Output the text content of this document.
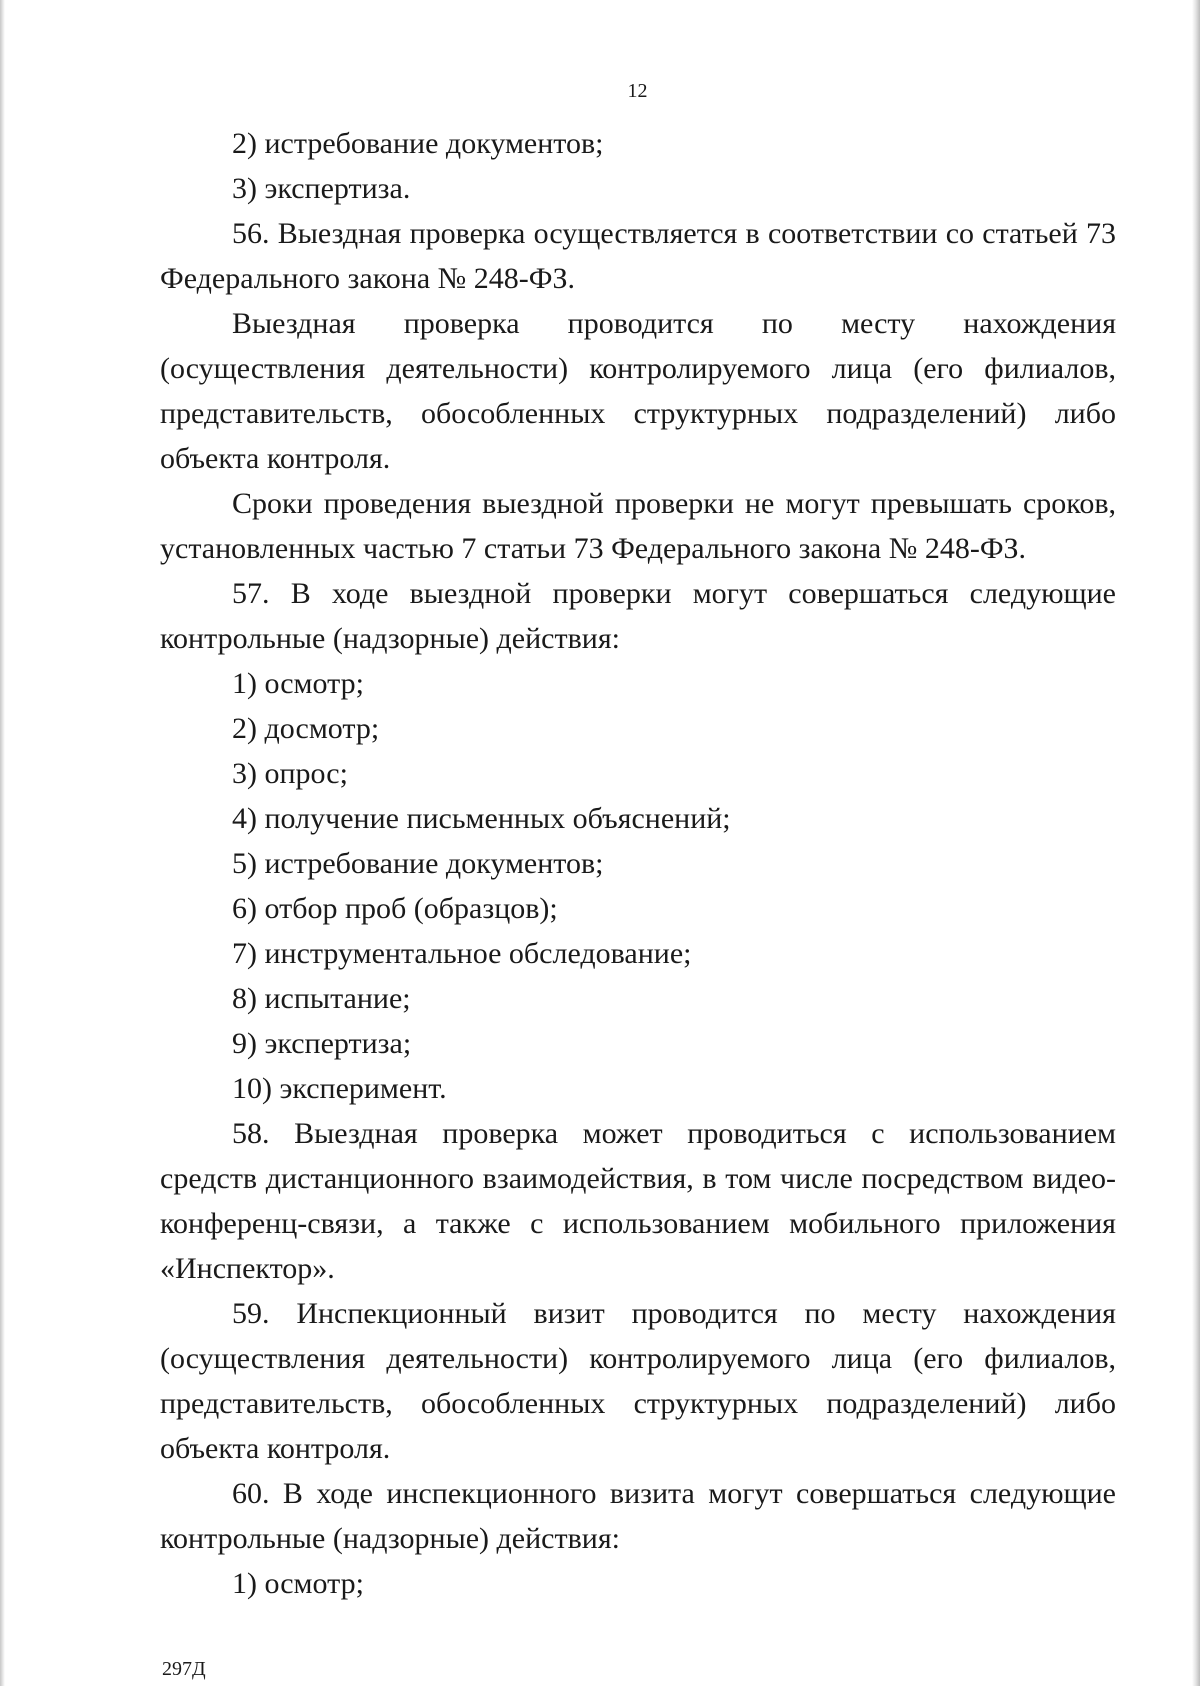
12
2) истребование документов;
3) экспертиза.
56. Выездная проверка осуществляется в соответствии со статьей 73
Федерального закона № 248-ФЗ.
Выездная проверка проводится по месту нахождения
(осуществления деятельности) контролируемого лица (его филиалов,
представительств, обособленных структурных подразделений) либо
объекта контроля.
Сроки проведения выездной проверки не могут превышать сроков,
установленных частью 7 статьи 73 Федерального закона № 248-ФЗ.
57. В ходе выездной проверки могут совершаться следующие
контрольные (надзорные) действия:
1) осмотр;
2) досмотр;
3) опрос;
4) получение письменных объяснений;
5) истребование документов;
6) отбор проб (образцов);
7) инструментальное обследование;
8) испытание;
9) экспертиза;
10) эксперимент.
58. Выездная проверка может проводиться с использованием
средств дистанционного взаимодействия, в том числе посредством видео-
конференц-связи, а также с использованием мобильного приложения
«Инспектор».
59. Инспекционный визит проводится по месту нахождения
(осуществления деятельности) контролируемого лица (его филиалов,
представительств, обособленных структурных подразделений) либо
объекта контроля.
60. В ходе инспекционного визита могут совершаться следующие
контрольные (надзорные) действия:
1) осмотр;
297Д
